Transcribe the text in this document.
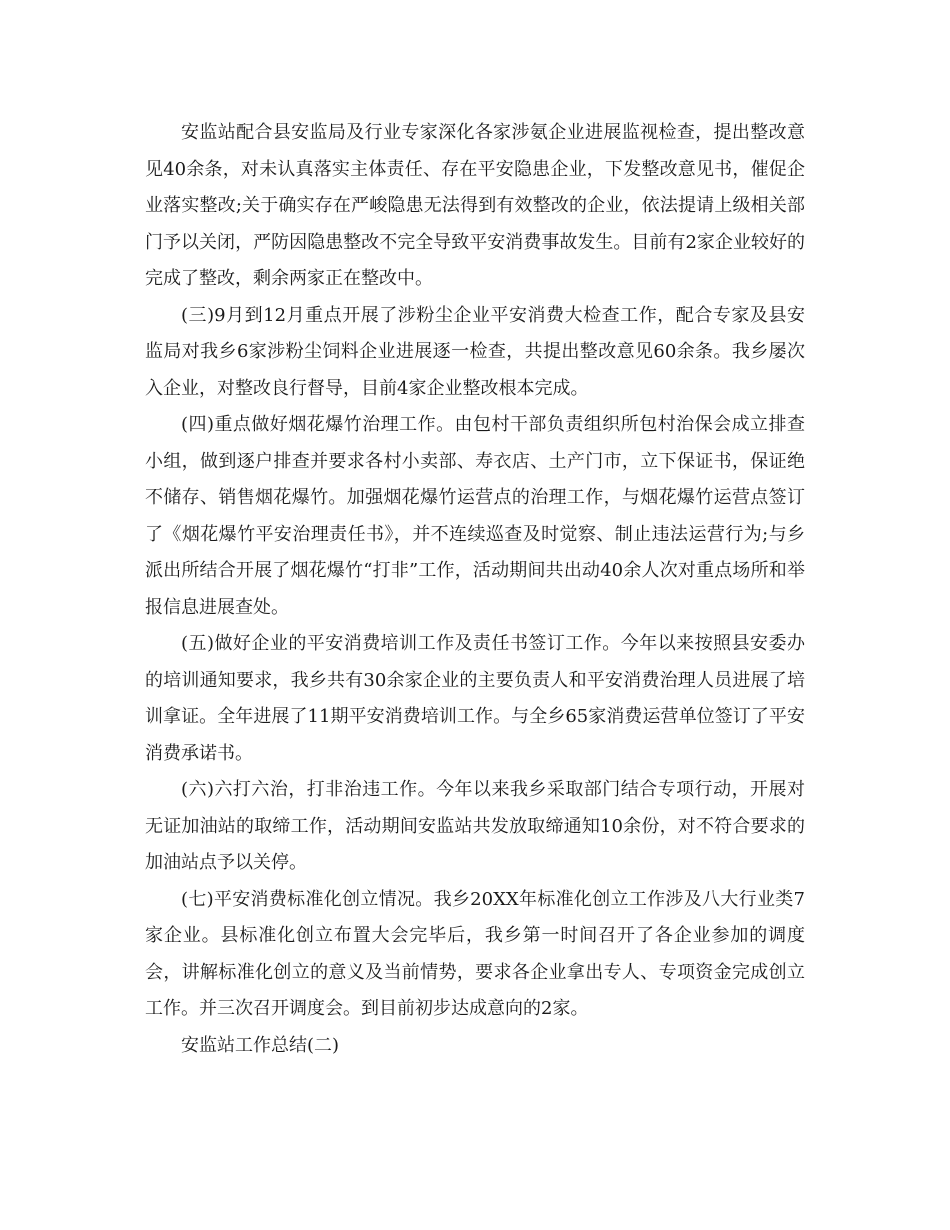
安监站配合县安监局及行业专家深化各家涉氨企业进展监视检查，提出整改意见40余条，对未认真落实主体责任、存在平安隐患企业，下发整改意见书，催促企业落实整改;关于确实存在严峻隐患无法得到有效整改的企业，依法提请上级相关部门予以关闭，严防因隐患整改不完全导致平安消费事故发生。目前有2家企业较好的完成了整改，剩余两家正在整改中。

(三)9月到12月重点开展了涉粉尘企业平安消费大检查工作，配合专家及县安监局对我乡6家涉粉尘饲料企业进展逐一检查，共提出整改意见60余条。我乡屡次入企业，对整改良行督导，目前4家企业整改根本完成。

(四)重点做好烟花爆竹治理工作。由包村干部负责组织所包村治保会成立排查小组，做到逐户排查并要求各村小卖部、寿衣店、土产门市，立下保证书，保证绝不储存、销售烟花爆竹。加强烟花爆竹运营点的治理工作，与烟花爆竹运营点签订了《烟花爆竹平安治理责任书》，并不连续巡查及时觉察、制止违法运营行为;与乡派出所结合开展了烟花爆竹“打非”工作，活动期间共出动40余人次对重点场所和举报信息进展查处。

(五)做好企业的平安消费培训工作及责任书签订工作。今年以来按照县安委办的培训通知要求，我乡共有30余家企业的主要负责人和平安消费治理人员进展了培训拿证。全年进展了11期平安消费培训工作。与全乡65家消费运营单位签订了平安消费承诺书。

(六)六打六治，打非治违工作。今年以来我乡采取部门结合专项行动，开展对无证加油站的取缔工作，活动期间安监站共发放取缔通知10余份，对不符合要求的加油站点予以关停。

(七)平安消费标准化创立情况。我乡20XX年标准化创立工作涉及八大行业类7家企业。县标准化创立布置大会完毕后，我乡第一时间召开了各企业参加的调度会，讲解标准化创立的意义及当前情势，要求各企业拿出专人、专项资金完成创立工作。并三次召开调度会。到目前初步达成意向的2家。

安监站工作总结(二)
